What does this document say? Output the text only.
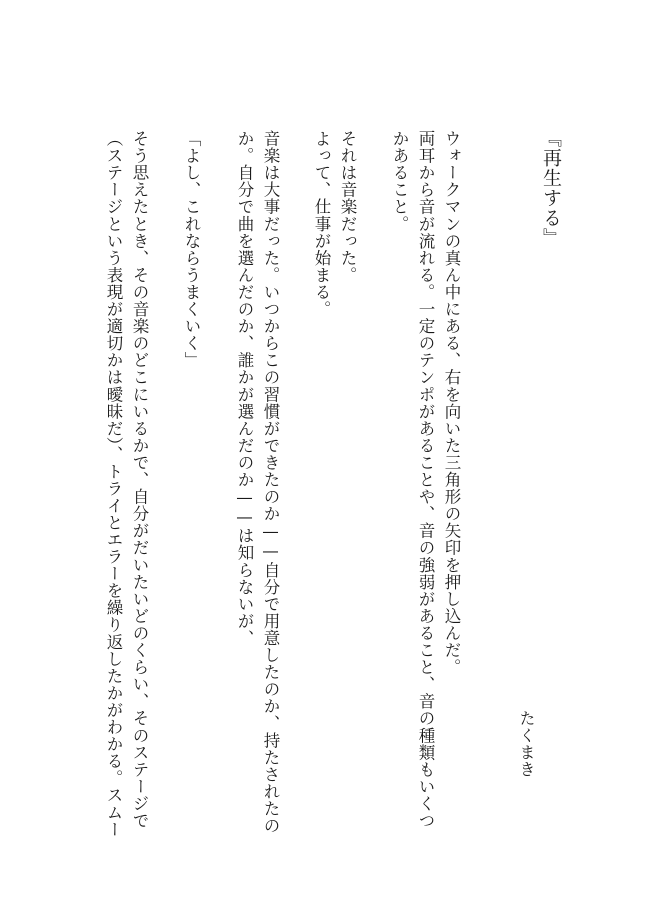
『再生する』
ウォークマンの真ん中にある、右を向いた三角形の矢印を押し込んだ。
両耳から音が流れる。一定のテンポがあることや、音の強弱があること、音の種類もいくつ
かあること。
それは音楽だった。
よって、仕事が始まる。
音楽は大事だった。いつからこの習慣ができたのか——自分で用意したのか、持たされたの
か。自分で曲を選んだのか、誰かが選んだのか——は知らないが、
「よし、これならうまくいく」
そう思えたとき、その音楽のどこにいるかで、自分がだいたいどのくらい、そのステージで
（ステージという表現が適切かは曖昧だ）、トライとエラーを繰り返したかがわかる。スムー	たくまき
